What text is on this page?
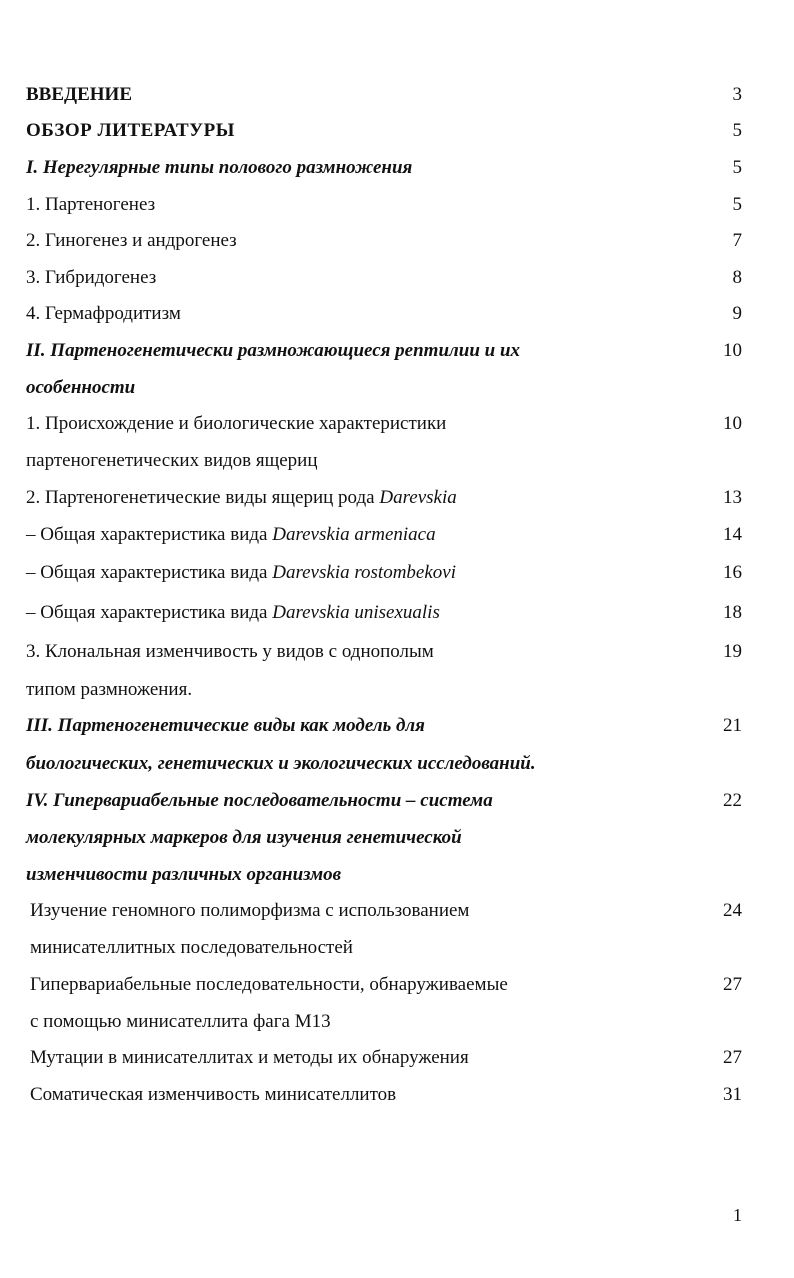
ВВЕДЕНИЕ	3
ОБЗОР ЛИТЕРАТУРЫ	5
I. Нерегулярные типы полового размножения	5
1. Партеногенез	5
2. Гиногенез и андрогенез	7
3. Гибридогенез	8
4. Гермафродитизм	9
II. Партеногенетически размножающиеся рептилии и их	10
особенности
1. Происхождение и биологические характеристики	10
партеногенетических видов ящериц
2. Партеногенетические виды ящериц рода Darevskia	13
– Общая характеристика вида Darevskia armeniaca	14
– Общая характеристика вида Darevskia rostombekovi	16
– Общая характеристика вида Darevskia unisexualis	18
3. Клональная изменчивость у видов с однополым	19
типом размножения.
III. Партеногенетические виды как модель для	21
биологических, генетических и экологических исследований.
IV. Гипервариабельные последовательности – система	22
молекулярных маркеров для изучения генетической
изменчивости различных организмов
Изучение геномного полиморфизма с использованием	24
минисателлитных последовательностей
Гипервариабельные последовательности, обнаруживаемые	27
с помощью минисателлита фага М13
Мутации в минисателлитах и методы их обнаружения	27
Соматическая изменчивость минисателлитов	31
1
